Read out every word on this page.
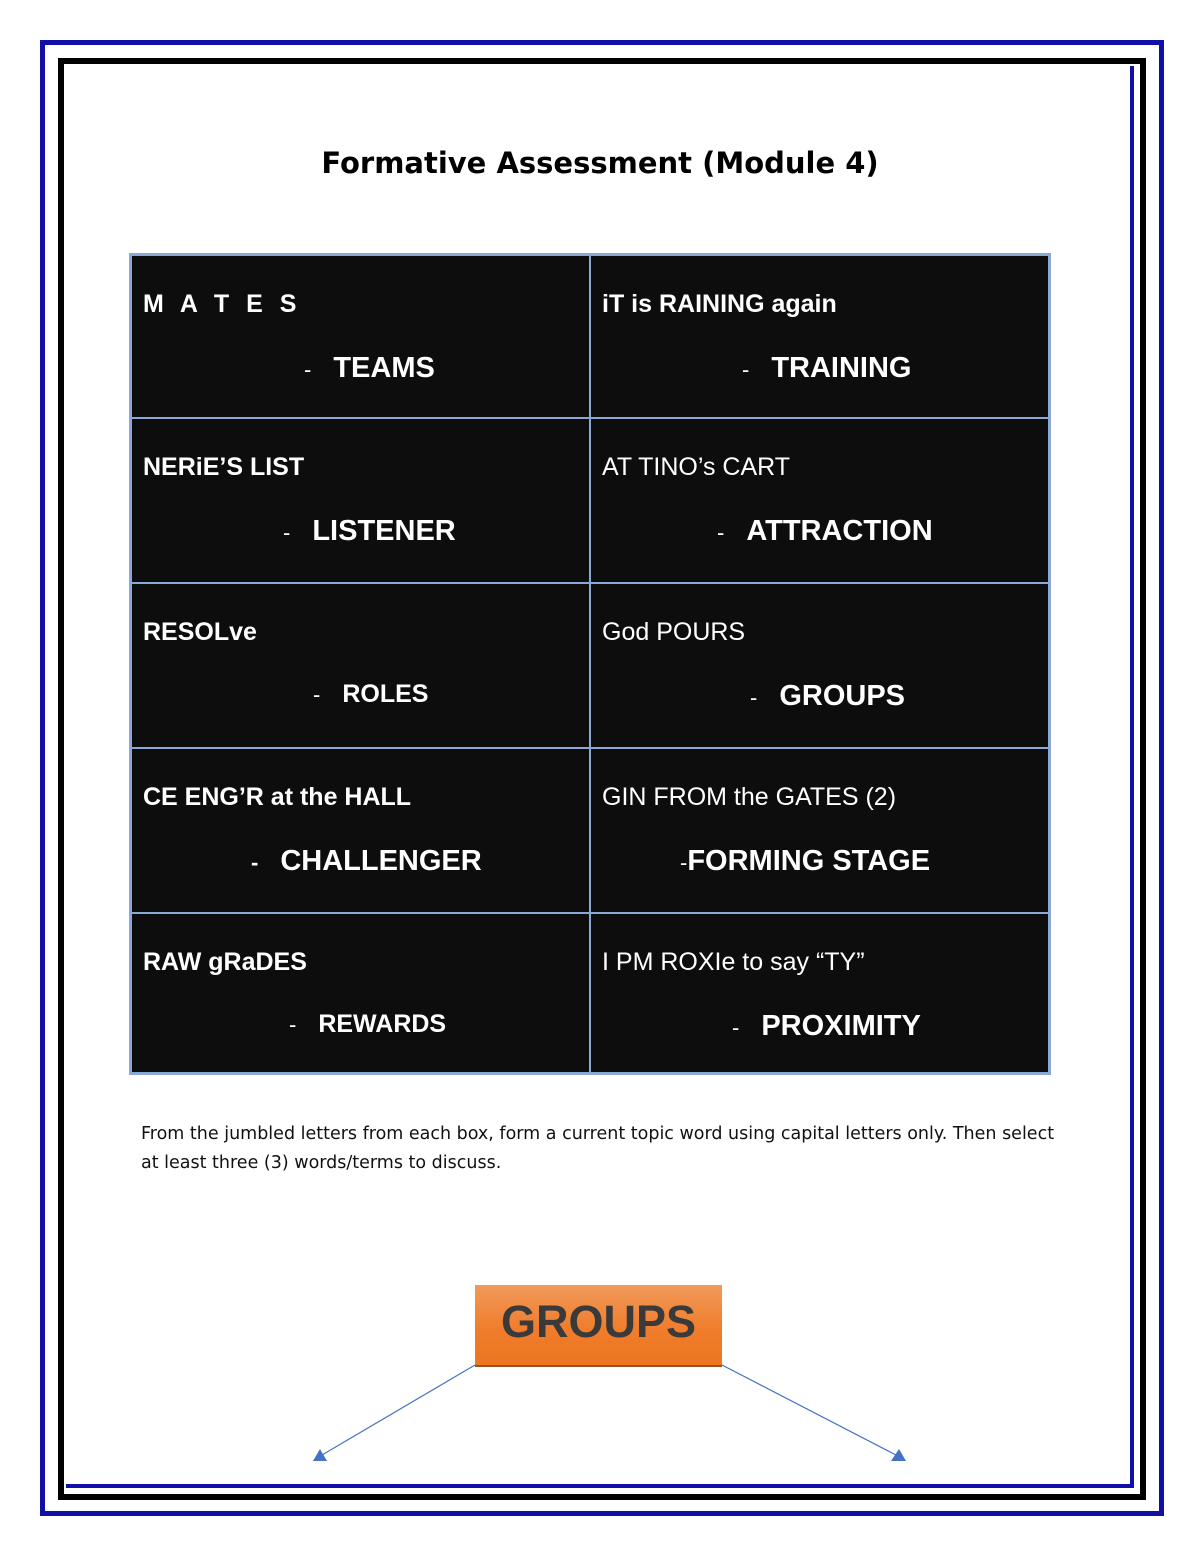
Formative Assessment (Module 4)
M A T E S
- TEAMS
iT is RAINING again
- TRAINING
NERiE’S LIST
- LISTENER
AT TINO’s CART
- ATTRACTION
RESOLve
- ROLES
God POURS
- GROUPS
CE ENG’R at the HALL
- CHALLENGER
GIN FROM the GATES (2)
-FORMING STAGE
RAW gRaDES
- REWARDS
I PM ROXIe to say “TY”
- PROXIMITY
From the jumbled letters from each box, form a current topic word using capital letters only. Then select at least three (3) words/terms to discuss.
GROUPS
